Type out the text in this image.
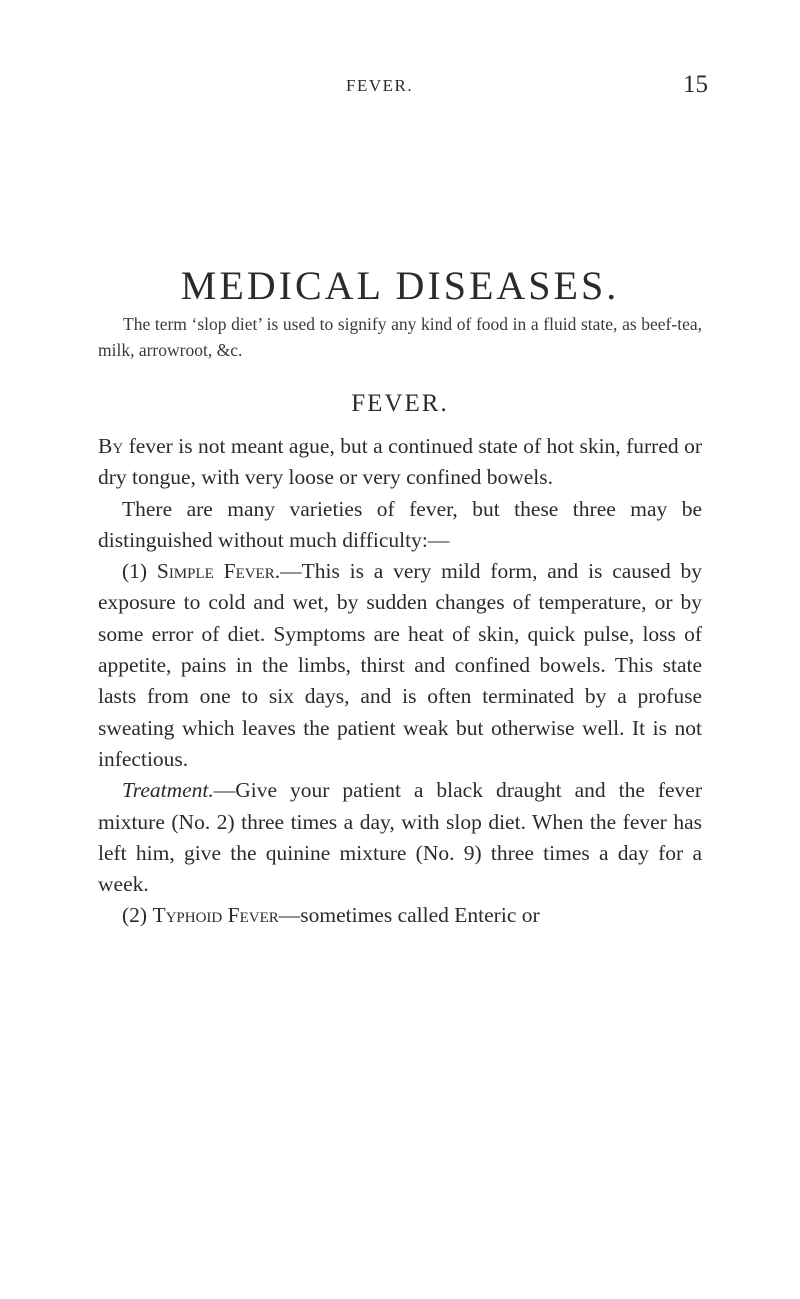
FEVER.	15
MEDICAL DISEASES.

The term ‘slop diet’ is used to signify any kind of food in a fluid state, as beef-tea, milk, arrowroot, &c.

FEVER.

By fever is not meant ague, but a continued state of hot skin, furred or dry tongue, with very loose or very confined bowels.

There are many varieties of fever, but these three may be distinguished without much difficulty:—

(1) Simple Fever.—This is a very mild form, and is caused by exposure to cold and wet, by sudden changes of temperature, or by some error of diet. Symptoms are heat of skin, quick pulse, loss of appetite, pains in the limbs, thirst and confined bowels. This state lasts from one to six days, and is often terminated by a profuse sweating which leaves the patient weak but otherwise well. It is not infectious.

Treatment.—Give your patient a black draught and the fever mixture (No. 2) three times a day, with slop diet. When the fever has left him, give the quinine mixture (No. 9) three times a day for a week.

(2) Typhoid Fever—sometimes called Enteric or
